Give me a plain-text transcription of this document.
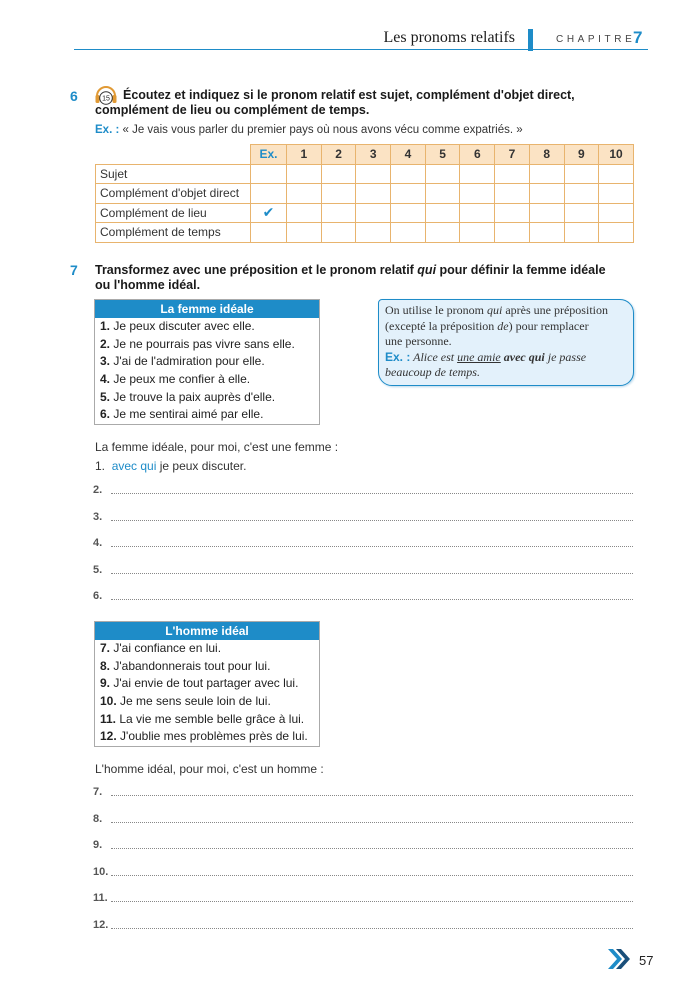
Les pronoms relatifs	CHAPITRE
7
6	15 Écoutez et indiquez si le pronom relatif est sujet, complément d'objet direct,
complément de lieu ou complément de temps.
Ex. : « Je vais vous parler du premier pays où nous avons vécu comme expatriés. »
	Ex.	1	2	3	4	5	6	7	8	9	10
Sujet											
Complément d'objet direct											
Complément de lieu	✔										
Complément de temps											
7 Transformez avec une préposition et le pronom relatif qui pour définir la femme idéale
ou l'homme idéal.
La femme idéale
1. Je peux discuter avec elle.
2. Je ne pourrais pas vivre sans elle.
3. J'ai de l'admiration pour elle.
4. Je peux me confier à elle.
5. Je trouve la paix auprès d'elle.
6. Je me sentirai aimé par elle.
On utilise le pronom qui après une préposition
(excepté la préposition de) pour remplacer
une personne.
Ex. : Alice est une amie avec qui je passe
beaucoup de temps.
La femme idéale, pour moi, c'est une femme :
1. avec qui je peux discuter.
2.
3.
4.
5.
6.
L'homme idéal
7. J'ai confiance en lui.
8. J'abandonnerais tout pour lui.
9. J'ai envie de tout partager avec lui.
10. Je me sens seule loin de lui.
11. La vie me semble belle grâce à lui.
12. J'oublie mes problèmes près de lui.
L'homme idéal, pour moi, c'est un homme :
7.
8.
9.
10.
11.
12.
57
